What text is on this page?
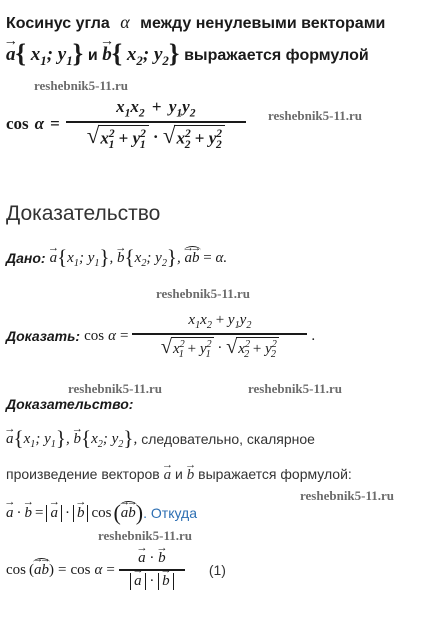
Косинус угла α между ненулевыми векторами
→ a{ $x_1$; $y_1$} и → b{ $x_2$; $y_2$} выражается формулой
reshebnik5-11.ru
cos α =
$x_1x_2 + y_1y_2$
√ $x^2_1 + y^2_1$ · √ $x^2_2 + y^2_2$
reshebnik5-11.ru
Доказательство
Дано: → $a\{x_1$; $y_1$}, → $b\{x_2$; $y_2$}, → a→ b = α.
reshebnik5-11.ru
Доказать: cos α =
$x_1x_2 + y_1y_2$
√ $x^2_1 + y^2_1$ · √ $x^2_2 + y^2_2$
.
reshebnik5-11.ru	reshebnik5-11.ru
Доказательство:
→ $a\{x_1$; $y_1$}, → $b\{x_2$; $y_2$}, следовательно, скалярное
произведение векторов → a и → b выражается формулой:
reshebnik5-11.ru
→ a · → b = → a · → b cos ( → a→ b ) . Откуда
reshebnik5-11.ru
cos ( → a→ b ) = cos α = → a · → b
→ a · → b (1)
